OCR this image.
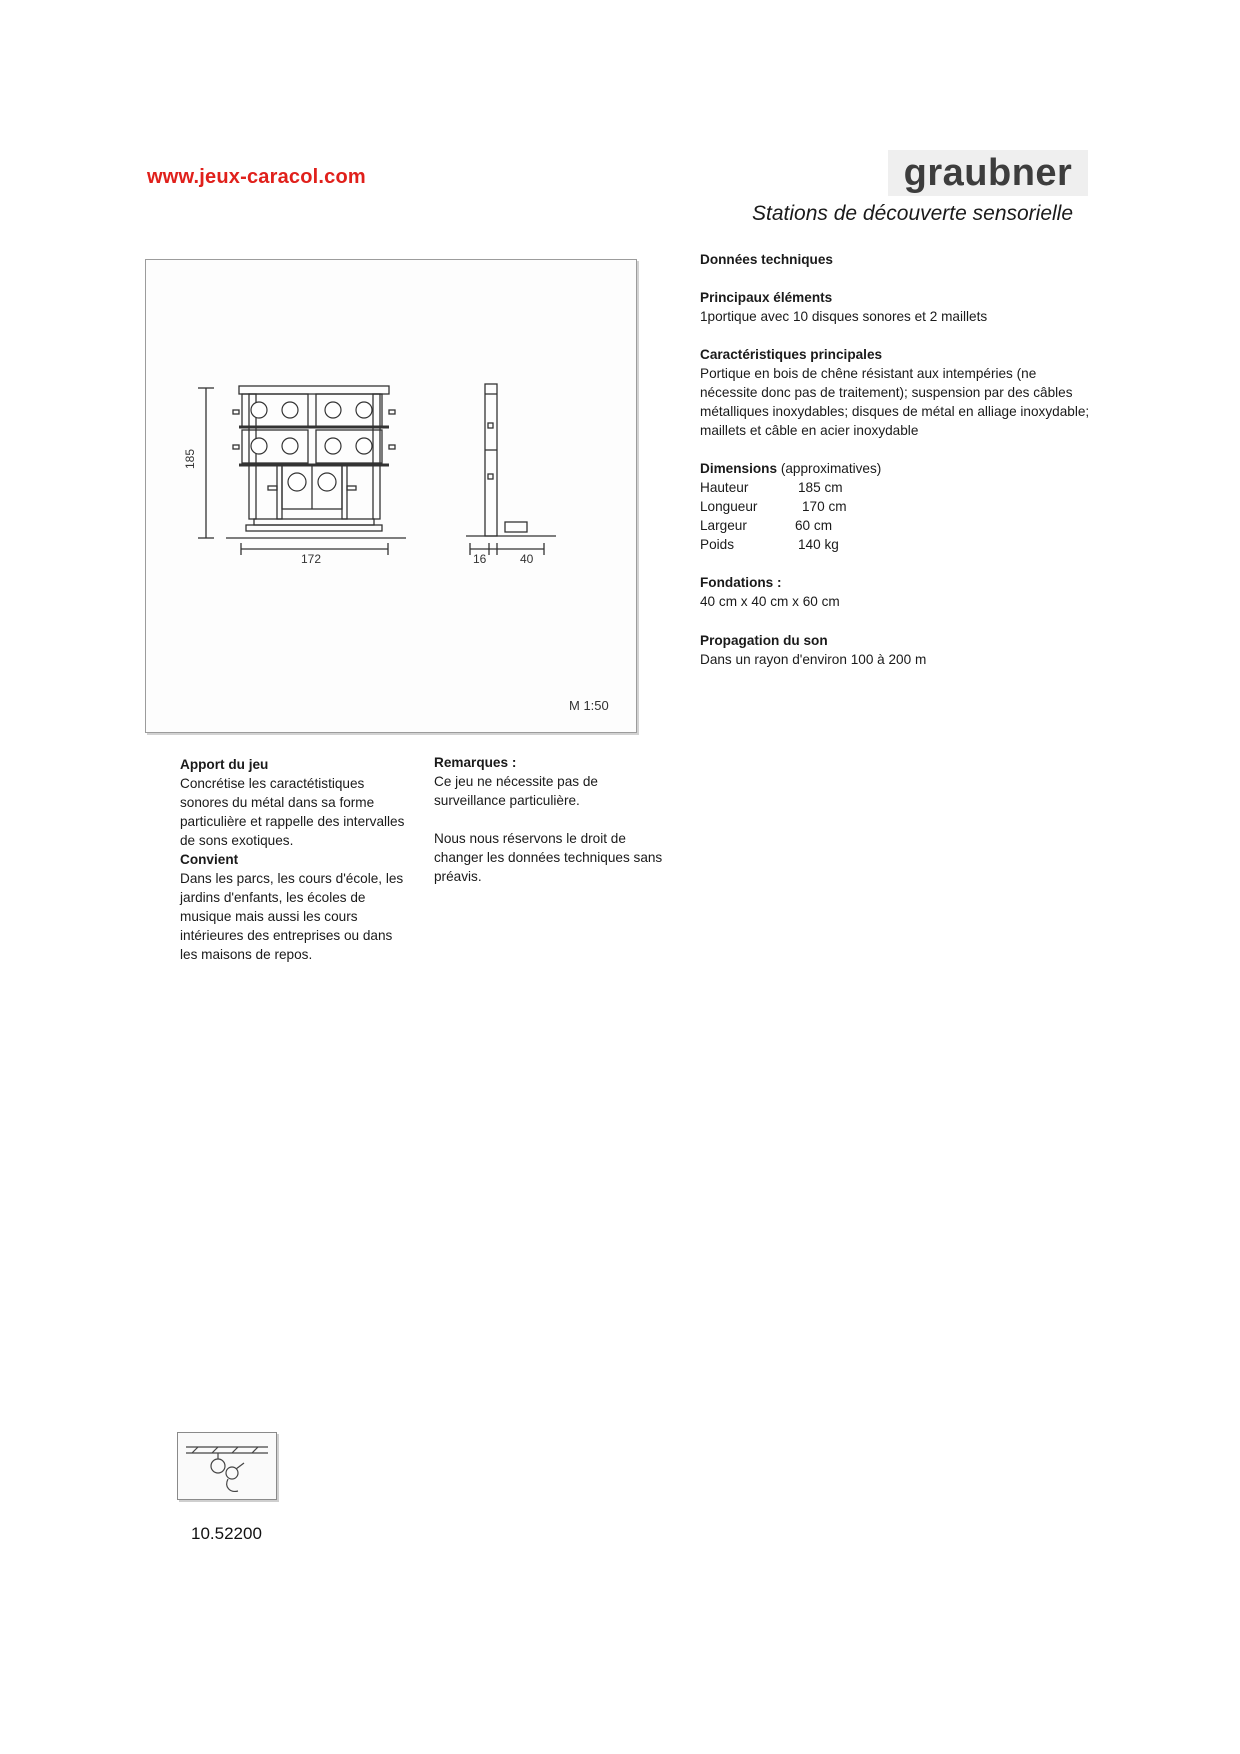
www.jeux-caracol.com	graubner
Stations de découverte sensorielle
185
172	16	40
M 1:50
Données techniques
Principaux éléments
1portique avec 10 disques sonores et 2 maillets
Caractéristiques principales
Portique en bois de chêne résistant aux intempéries (ne nécessite donc pas de traitement); suspension par des câbles métalliques inoxydables; disques de métal en alliage inoxydable; maillets et câble en acier inoxydable
Dimensions (approximatives)
Hauteur	185 cm
Longueur	170 cm
Largeur	60 cm
Poids	140 kg
Fondations :
40 cm x 40 cm x 60 cm
Propagation du son
Dans un rayon d'environ 100 à 200 m
Apport du jeu
Concrétise les caractétistiques sonores du métal dans sa forme particulière et rappelle des intervalles de sons exotiques.
Convient
Dans les parcs, les cours d'école, les jardins d'enfants, les écoles de musique mais aussi les cours intérieures des entreprises ou dans les maisons de repos.
Remarques :
Ce jeu ne nécessite pas de surveillance particulière.
Nous nous réservons le droit de changer les données techniques sans préavis.
10.52200
